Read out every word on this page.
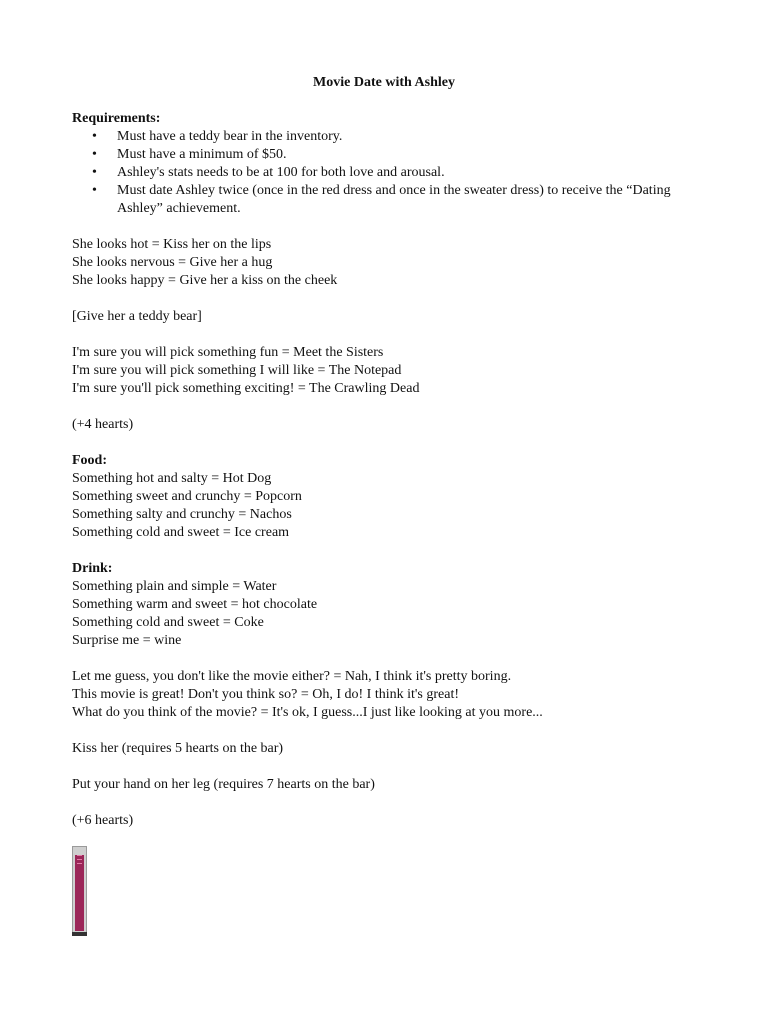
Movie Date with Ashley
Requirements:
• Must have a teddy bear in the inventory.
• Must have a minimum of $50.
• Ashley's stats needs to be at 100 for both love and arousal.
• Must date Ashley twice (once in the red dress and once in the sweater dress) to receive the “Dating Ashley” achievement.
She looks hot = Kiss her on the lips
She looks nervous = Give her a hug
She looks happy = Give her a kiss on the cheek
[Give her a teddy bear]
I'm sure you will pick something fun = Meet the Sisters
I'm sure you will pick something I will like = The Notepad
I'm sure you'll pick something exciting! = The Crawling Dead
(+4 hearts)
Food:
Something hot and salty = Hot Dog
Something sweet and crunchy = Popcorn
Something salty and crunchy = Nachos
Something cold and sweet = Ice cream
Drink:
Something plain and simple = Water
Something warm and sweet = hot chocolate
Something cold and sweet = Coke
Surprise me = wine
Let me guess, you don't like the movie either? = Nah, I think it's pretty boring.
This movie is great! Don't you think so? = Oh, I do! I think it's great!
What do you think of the movie? = It's ok, I guess...I just like looking at you more...
Kiss her (requires 5 hearts on the bar)
Put your hand on her leg (requires 7 hearts on the bar)
(+6 hearts)
